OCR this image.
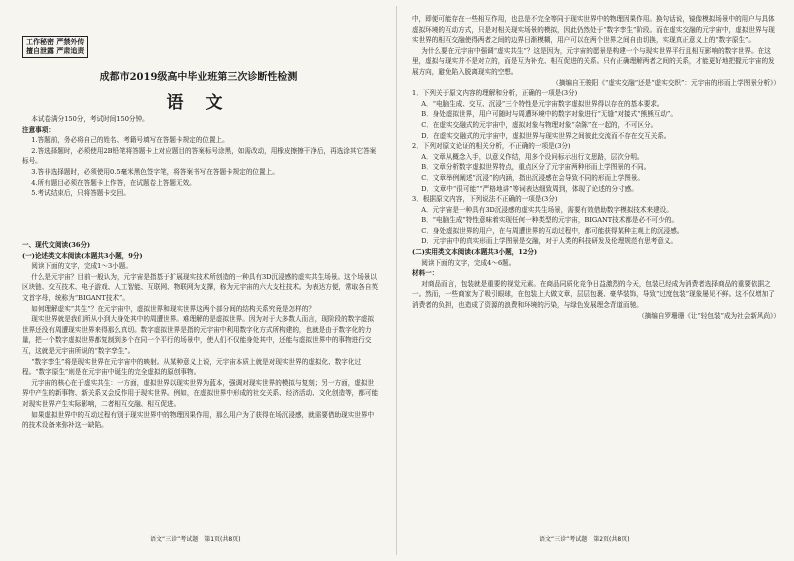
工作秘密 严禁外传
擅自泄露 严肃追责
成都市2019级高中毕业班第三次诊断性检测
语 文

本试卷满分150分，考试时间150分钟。

注意事项：

1.答题前，务必将自己的姓名、考籍号填写在答题卡规定的位置上。

2.答选择题时，必须使用2B铅笔将答题卡上对应题目的答案标号涂黑，如需改动，用橡皮擦擦干净后，再选涂其它答案标号。

3.答非选择题时，必须使用0.5毫米黑色签字笔，将答案书写在答题卡规定的位置上。

4.所有题目必须在答题卡上作答，在试题卷上答题无效。

5.考试结束后，只将答题卡交回。

一、现代文阅读(36分)

(一)论述类文本阅读(本题共3小题，9分)

阅读下面的文字，完成1～3小题。

什么是元宇宙？目前一般认为，元宇宙是指基于扩展现实技术所创造的一种具有3D沉浸感的虚实共生场景。这个场景以区块链、交互技术、电子游戏、人工智能、互联网、物联网为支撑，称为元宇宙的六大支柱技术。为表达方便，常取各自英文首字母，统称为“BIGANT技术”。

如何理解虚实“共生”？在元宇宙中，虚拟世界和现实世界这两个部分间的结构关系究竟是怎样的？

现实世界就是我们所从小到大身处其中的周遭世界。难理解的是虚拟世界。因为对于大多数人而言，现阶段的数字虚拟世界还没有周遭现实世界来得那么真切。数字虚拟世界是指的元宇宙中利用数字化方式所构建的，也就是由于数字化的力量，把一个数字虚拟世界都复制到多个在同一个平行的场景中，使人们不仅能身处其中，还能与虚拟世界中的事物进行交互，这就是元宇宙所说的“数字孪生”。

“数字孪生”将是现实世界在元宇宙中的映射。从某种意义上说，元宇宙本质上就是对现实世界的虚拟化、数字化过程。“数字原生”则是在元宇宙中诞生的完全虚拟的原创事物。

元宇宙的核心在于虚实共生：一方面，虚拟世界以现实世界为蓝本，强调对现实世界的模拟与复刻；另一方面，虚拟世界中产生的新事物、新关系又会反作用于现实世界。例如，在虚拟世界中形成的社交关系、经济活动、文化创造等，都可能对现实世界产生实际影响，二者相互交融、相互促进。

如果虚拟世界中的互动过程有别于现实世界中的物理因果作用，那么用户为了获得在场沉浸感，就需要借助现实世界中的技术设备来弥补这一缺陷。

语文“三诊”考试题　第1页(共8页)

中，即便可能存在一些相互作用，也总是不完全等同于现实世界中的物理因果作用。换句话说，镜像模拟场景中的用户与具体虚拟环境的互动方式，只是对相关现实场景的模拟，因此仍然处于“数字孪生”阶段。而在虚实交融的元宇宙中，虚拟世界与现实世界的相互交融使得两者之间的边界日渐模糊，用户可以在两个世界之间自由切换，实现真正意义上的“数字原生”。

为什么要在元宇宙中强调“虚实共生”？这是因为，元宇宙的愿景是构建一个与现实世界平行且相互影响的数字世界。在这里，虚拟与现实并不是对立的，而是互为补充、相互促进的关系。只有正确理解两者之间的关系，才能更好地把握元宇宙的发展方向，避免陷入脱离现实的空想。

（摘编自王骏阳《“虚实交融”还是“虚实交织”：元宇宙的形而上学图景分析》）

1．下列关于原文内容的理解和分析，正确的一项是(3分)

A．“电脑生成、交互、沉浸”三个特性是元宇宙数字虚拟世界得以存在的基本要求。

B．身处虚拟世界，用户可随时与周遭环境中的数字对象进行“无缝”对接式“熊熊互动”。

C．在虚实交融式的元宇宙中，虚拟对象与物理对象“杂陈”在一起的，不可区分。

D．在虚实交融式的元宇宙中，虚拟世界与现实世界之间彼此交流而不存在交互关系。

2．下列对原文论证的相关分析，不正确的一项是(3分)

A．文章从概念入手，以意义作结，用多个设问标示出行文思路，层次分明。

B．文章分析数字虚拟世界特点，重点区分了元宇宙两种形而上学图景的不同。

C．文章举例阐述“沉浸”的内涵，指出沉浸感在会导致不同的形而上学图景。

D．文章中“很可能”“严格地讲”等词表达细致周到，体现了论述的分寸感。

3．根据原文内容，下列说法不正确的一项是(3分)

A．元宇宙是一种具有3D沉浸感的虚实共生场景，需要有效借助数字模拟技术来建设。

B．“电脑生成”特性意味着实现任何一种类型的元宇宙，BIGANT技术都是必不可少的。

C．身处虚拟世界的用户，在与周遭世界的互动过程中，都可能获得某种主观上的沉浸感。

D．元宇宙中的真实形而上学图景是交融，对于人类的科技研发及伦理规范有思考意义。

(二)实用类文本阅读(本题共3小题，12分)

阅读下面的文字，完成4～6题。

材料一：

对商品而言，包装就是重要的视觉元素。在商品同质化竞争日益激烈的今天，包装已经成为消费者选择商品的重要依据之一。然而，一些商家为了吸引眼球，在包装上大做文章，层层包裹、豪华装饰，导致“过度包装”现象屡见不鲜。这不仅增加了消费者的负担，也造成了资源的浪费和环境的污染，与绿色发展理念背道而驰。

（摘编自罗珊珊《让“轻包装”成为社会新风尚》）

语文“三诊”考试题　第2页(共8页)
